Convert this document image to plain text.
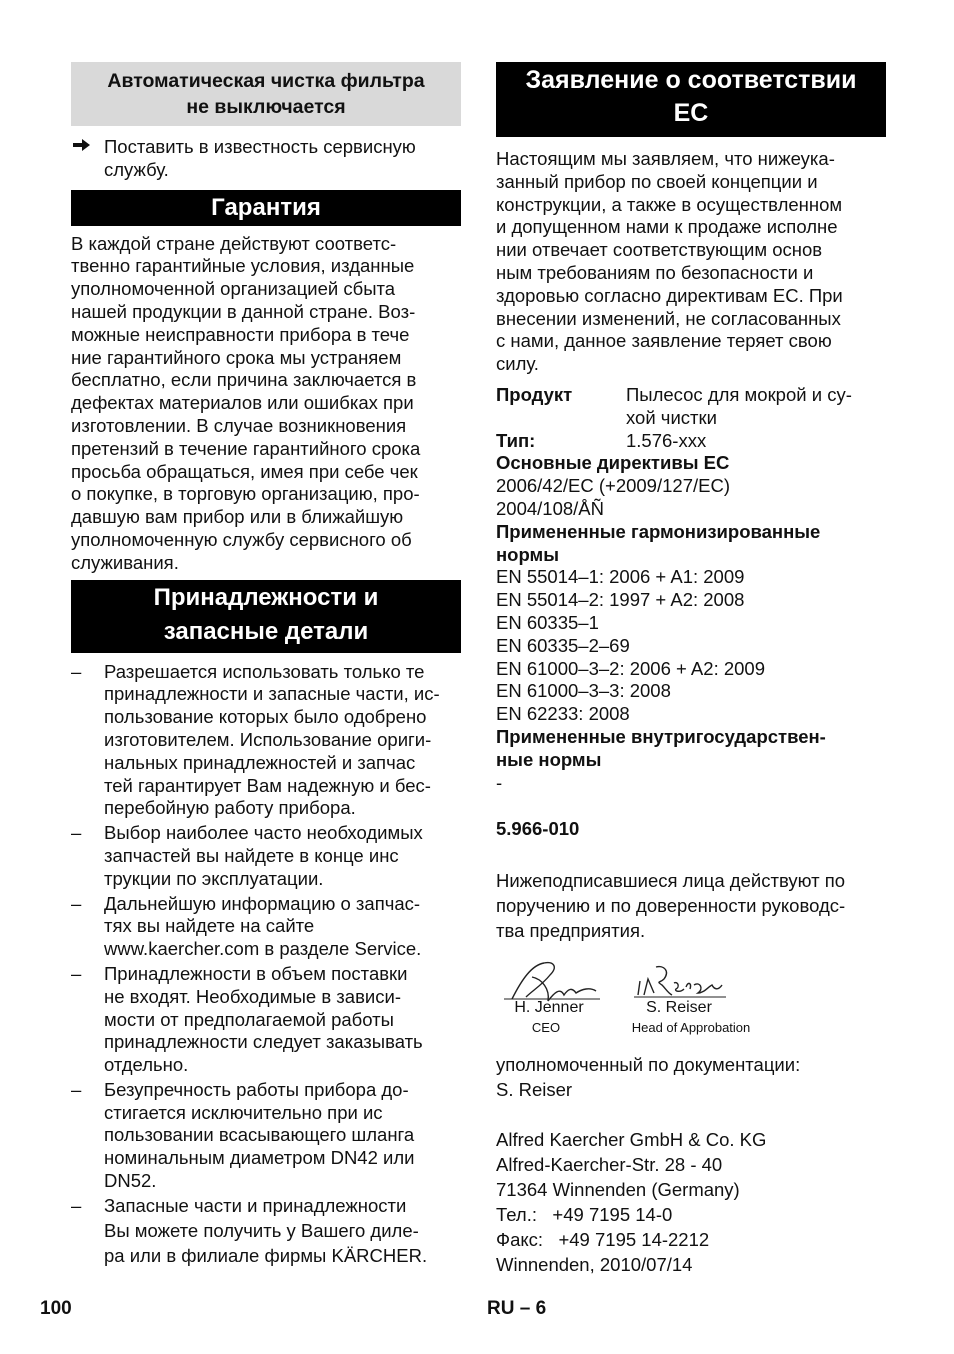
Автоматическая чистка фильтра
не выключается
Поставить в известность сервисную
службу.
Гарантия
В каждой стране действуют соответс-
твенно гарантийные условия, изданные
уполномоченной организацией сбыта
нашей продукции в данной стране. Воз-
можные неисправности прибора в тече
ние гарантийного срока мы устраняем
бесплатно, если причина заключается в
дефектах материалов или ошибках при
изготовлении. В случае возникновения
претензий в течение гарантийного срока
просьба обращаться, имея при себе чек
о покупке, в торговую организацию, про-
давшую вам прибор или в ближайшую
уполномоченную службу сервисного об
служивания.
Принадлежности и
запасные детали
– Разрешается использовать только те
принадлежности и запасные части, ис-
пользование которых было одобрено
изготовителем. Использование ориги-
нальных принадлежностей и запчас
тей гарантирует Вам надежную и бес-
перебойную работу прибора.
– Выбор наиболее часто необходимых
запчастей вы найдете в конце инс
трукции по эксплуатации.
– Дальнейшую информацию о запчас-
тях вы найдете на сайте
www.kaercher.com в разделе Service.
– Принадлежности в объем поставки
не входят. Необходимые в зависи-
мости от предполагаемой работы
принадлежности следует заказывать
отдельно.
– Безупречность работы прибора до-
стигается исключительно при ис
пользовании всасывающего шланга
номинальным диаметром DN42 или
DN52.
– Запасные части и принадлежности
Вы можете получить у Вашего диле-
ра или в филиале фирмы KÄRCHER.
Заявление о соответствии
ЕС
Настоящим мы заявляем, что нижеука-
занный прибор по своей концепции и
конструкции, а также в осуществленном
и допущенном нами к продаже исполне
нии отвечает соответствующим основ
ным требованиям по безопасности и
здоровью согласно директивам ЕС. При
внесении изменений, не согласованных
с нами, данное заявление теряет свою
силу.
Продукт	Пылесос для мокрой и су-
хой чистки
Тип:	1.576-xxx
Основные директивы ЕС
2006/42/EC (+2009/127/EC)
2004/108/ÅÑ
Примененные гармонизированные
нормы
EN 55014–1: 2006 + A1: 2009
EN 55014–2: 1997 + A2: 2008
EN 60335–1
EN 60335–2–69
EN 61000–3–2: 2006 + A2: 2009
EN 61000–3–3: 2008
EN 62233: 2008
Примененные внутригосударствен-
ные нормы
-
5.966-010
Нижеподписавшиеся лица действуют по
поручению и по доверенности руководс-
тва предприятия.
H. Jenner
CEO
S. Reiser
Head of Approbation
уполномоченный по документации:
S. Reiser
Alfred Kaercher GmbH & Co. KG
Alfred-Kaercher-Str. 28 - 40
71364 Winnenden (Germany)
Тел.:   +49 7195 14-0
Факс:   +49 7195 14-2212
Winnenden, 2010/07/14
100	RU – 6
